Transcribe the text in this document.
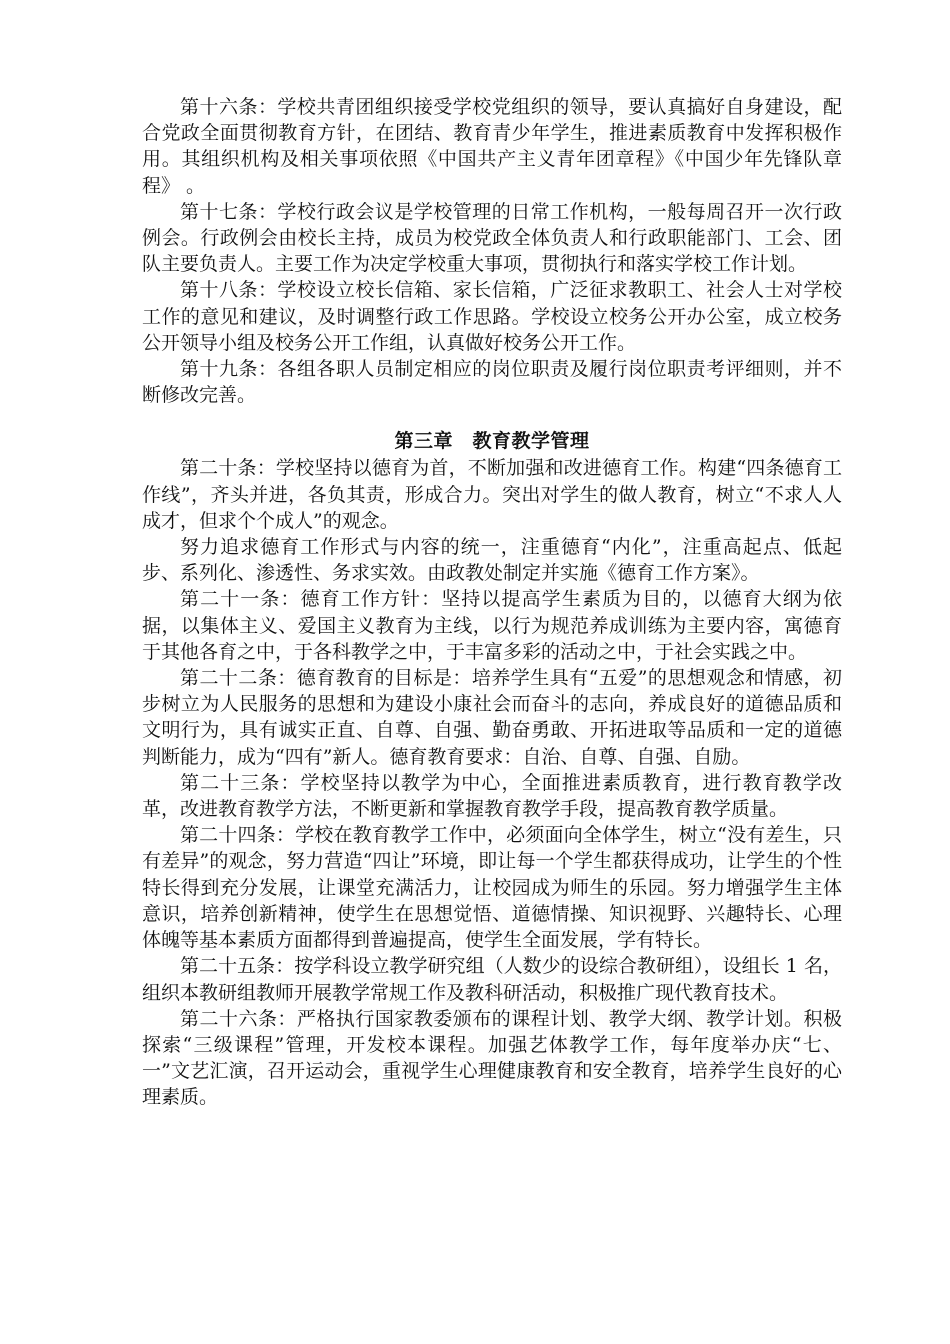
第十六条：学校共青团组织接受学校党组织的领导，要认真搞好自身建设，配合党政全面贯彻教育方针，在团结、教育青少年学生，推进素质教育中发挥积极作用。其组织机构及相关事项依照《中国共产主义青年团章程》《中国少年先锋队章程》 。
第十七条：学校行政会议是学校管理的日常工作机构，一般每周召开一次行政例会。行政例会由校长主持，成员为校党政全体负责人和行政职能部门、工会、团队主要负责人。主要工作为决定学校重大事项，贯彻执行和落实学校工作计划。
第十八条：学校设立校长信箱、家长信箱，广泛征求教职工、社会人士对学校工作的意见和建议，及时调整行政工作思路。学校设立校务公开办公室，成立校务公开领导小组及校务公开工作组，认真做好校务公开工作。
第十九条：各组各职人员制定相应的岗位职责及履行岗位职责考评细则，并不断修改完善。
第三章　教育教学管理
第二十条：学校坚持以德育为首，不断加强和改进德育工作。构建“四条德育工作线”，齐头并进，各负其责，形成合力。突出对学生的做人教育，树立“不求人人成才，但求个个成人”的观念。
努力追求德育工作形式与内容的统一，注重德育“内化”，注重高起点、低起步、系列化、渗透性、务求实效。由政教处制定并实施《德育工作方案》。
第二十一条：德育工作方针：坚持以提高学生素质为目的，以德育大纲为依据，以集体主义、爱国主义教育为主线，以行为规范养成训练为主要内容，寓德育于其他各育之中，于各科教学之中，于丰富多彩的活动之中，于社会实践之中。
第二十二条：德育教育的目标是：培养学生具有“五爱”的思想观念和情感，初步树立为人民服务的思想和为建设小康社会而奋斗的志向，养成良好的道德品质和文明行为，具有诚实正直、自尊、自强、勤奋勇敢、开拓进取等品质和一定的道德判断能力，成为“四有”新人。德育教育要求：自治、自尊、自强、自励。
第二十三条：学校坚持以教学为中心，全面推进素质教育，进行教育教学改革，改进教育教学方法，不断更新和掌握教育教学手段，提高教育教学质量。
第二十四条：学校在教育教学工作中，必须面向全体学生，树立“没有差生，只有差异”的观念，努力营造“四让”环境，即让每一个学生都获得成功，让学生的个性特长得到充分发展，让课堂充满活力，让校园成为师生的乐园。努力增强学生主体意识，培养创新精神，使学生在思想觉悟、道德情操、知识视野、兴趣特长、心理体魄等基本素质方面都得到普遍提高，使学生全面发展，学有特长。
第二十五条：按学科设立教学研究组（人数少的设综合教研组），设组长 1 名，组织本教研组教师开展教学常规工作及教科研活动，积极推广现代教育技术。
第二十六条：严格执行国家教委颁布的课程计划、教学大纲、教学计划。积极探索“三级课程”管理，开发校本课程。加强艺体教学工作，每年度举办庆“七、一”文艺汇演，召开运动会，重视学生心理健康教育和安全教育，培养学生良好的心理素质。
